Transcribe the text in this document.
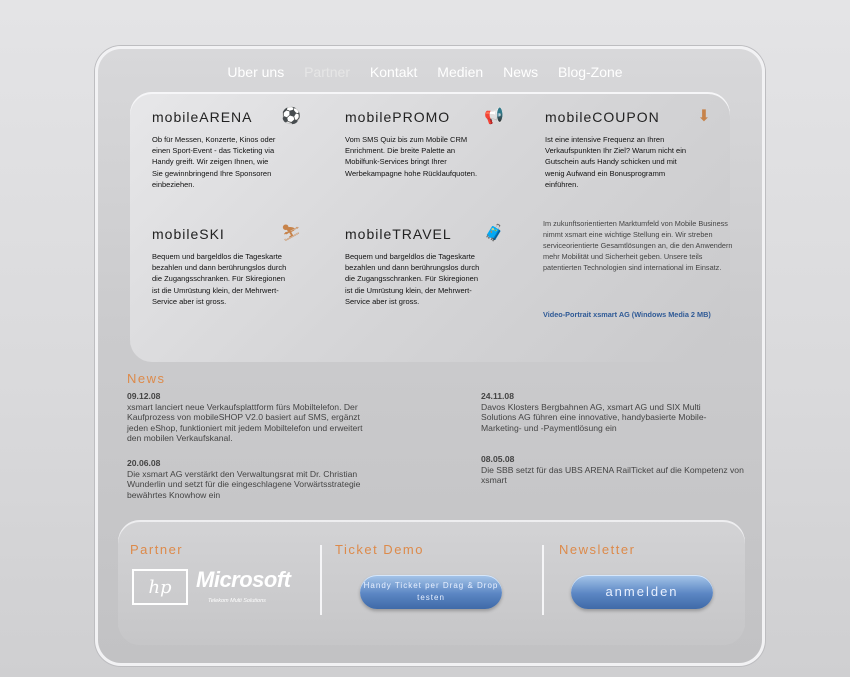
Uber uns Partner Kontakt Medien News Blog-Zone
mobileARENA ⚽
Ob für Messen, Konzerte, Kinos oder einen Sport-Event - das Ticketing via Handy greift. Wir zeigen Ihnen, wie Sie gewinnbringend Ihre Sponsoren einbeziehen.
mobilePROMO 📢
Vom SMS Quiz bis zum Mobile CRM Enrichment. Die breite Palette an Mobilfunk-Services bringt Ihrer Werbekampagne hohe Rücklaufquoten.
mobileCOUPON ⬇
Ist eine intensive Frequenz an Ihren Verkaufspunkten Ihr Ziel? Warum nicht ein Gutschein aufs Handy schicken und mit wenig Aufwand ein Bonusprogramm einführen.
mobileSKI	⛷
Bequem und bargeldlos die Tageskarte bezahlen und dann berührungslos durch die Zugangsschranken. Für Skiregionen ist die Umrüstung klein, der Mehrwert-Service aber ist gross.
mobileTRAVEL 🧳
Bequem und bargeldlos die Tageskarte bezahlen und dann berührungslos durch die Zugangsschranken. Für Skiregionen ist die Umrüstung klein, der Mehrwert-Service aber ist gross.
Im zukunftsorientierten Marktumfeld von Mobile Business nimmt xsmart eine wichtige Stellung ein. Wir streben serviceorientierte Gesamtlösungen an, die den Anwendern mehr Mobilität und Sicherheit geben. Unsere teils patentierten Technologien sind international im Einsatz.
Video-Portrait xsmart AG (Windows Media 2 MB)
News
09.12.08
xsmart lanciert neue Verkaufsplattform fürs Mobiltelefon. Der Kaufprozess von mobileSHOP V2.0 basiert auf SMS, ergänzt jeden eShop, funktioniert mit jedem Mobiltelefon und erweitert den mobilen Verkaufskanal.
20.06.08
Die xsmart AG verstärkt den Verwaltungsrat mit Dr. Christian Wunderlin und setzt für die eingeschlagene Vorwärtsstrategie bewährtes Knowhow ein
24.11.08
Davos Klosters Bergbahnen AG, xsmart AG und SIX Multi Solutions AG führen eine innovative, handybasierte Mobile-Marketing- und -Paymentlösung ein
08.05.08
Die SBB setzt für das UBS ARENA RailTicket auf die Kompetenz von xsmart
Partner
hp Microsoft
Telekom Multi Solutions
Ticket Demo
Handy Ticket per Drag & Drop testen
Newsletter
anmelden
